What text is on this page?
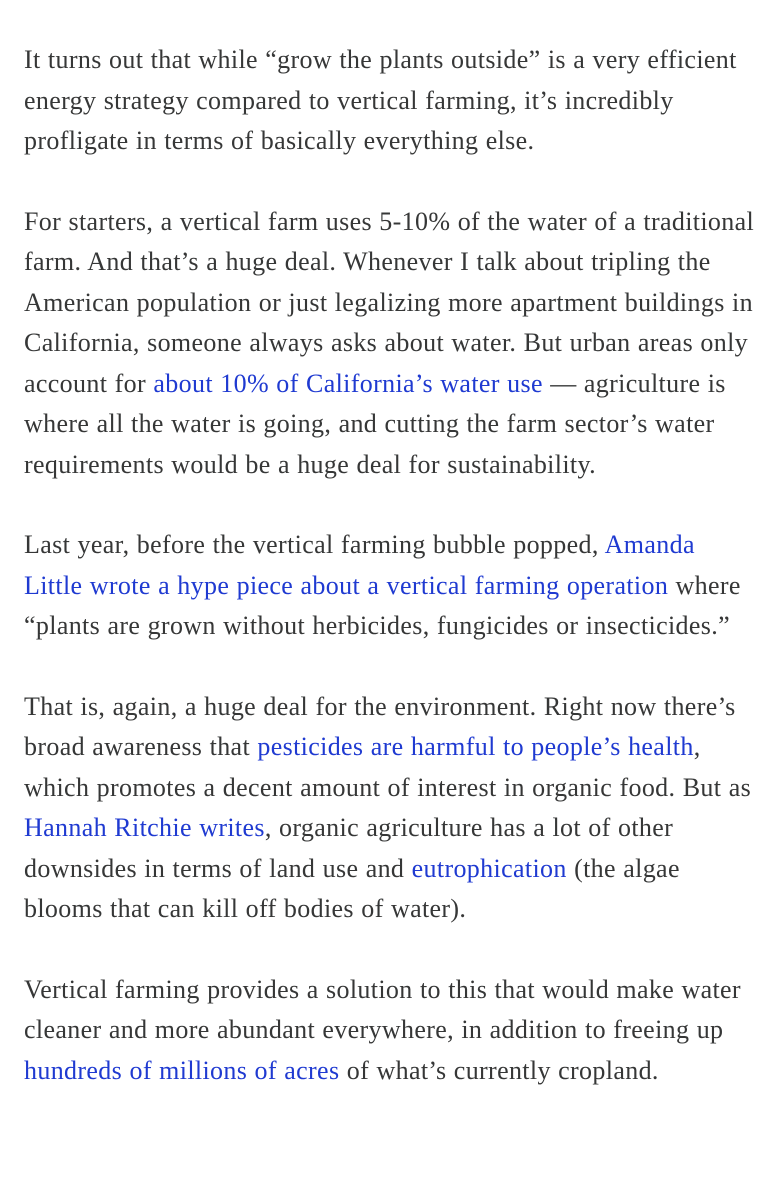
It turns out that while “grow the plants outside” is a very efficient energy strategy compared to vertical farming, it’s incredibly profligate in terms of basically everything else.

For starters, a vertical farm uses 5-10% of the water of a traditional farm. And that’s a huge deal. Whenever I talk about tripling the American population or just legalizing more apartment buildings in California, someone always asks about water. But urban areas only account for about 10% of California’s water use — agriculture is where all the water is going, and cutting the farm sector’s water requirements would be a huge deal for sustainability.

Last year, before the vertical farming bubble popped, Amanda Little wrote a hype piece about a vertical farming operation where “plants are grown without herbicides, fungicides or insecticides.”

That is, again, a huge deal for the environment. Right now there’s broad awareness that pesticides are harmful to people’s health, which promotes a decent amount of interest in organic food. But as Hannah Ritchie writes, organic agriculture has a lot of other downsides in terms of land use and eutrophication (the algae blooms that can kill off bodies of water).

Vertical farming provides a solution to this that would make water cleaner and more abundant everywhere, in addition to freeing up hundreds of millions of acres of what’s currently cropland.
